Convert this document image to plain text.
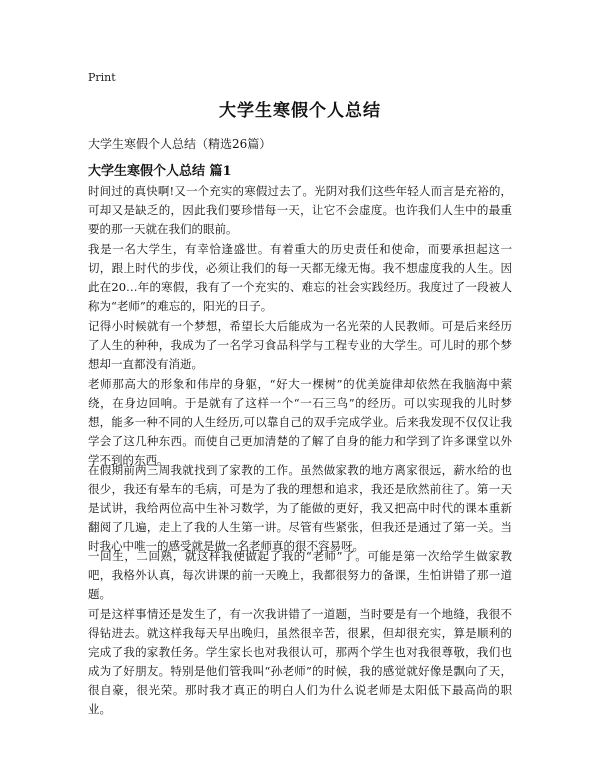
Print
大学生寒假个人总结
大学生寒假个人总结（精选26篇）
大学生寒假个人总结 篇1

时间过的真快啊!又一个充实的寒假过去了。光阴对我们这些年轻人而言是充裕的，可却又是缺乏的，因此我们要珍惜每一天，让它不会虚度。也许我们人生中的最重要的那一天就在我们的眼前。

我是一名大学生，有幸恰逢盛世。有着重大的历史责任和使命，而要承担起这一切，跟上时代的步伐，必须让我们的每一天都无缘无悔。我不想虚度我的人生。因此在20…年的寒假，我有了一个充实的、难忘的社会实践经历。我度过了一段被人称为“老师”的难忘的，阳光的日子。

记得小时候就有一个梦想，希望长大后能成为一名光荣的人民教师。可是后来经历了人生的种种，我成为了一名学习食品科学与工程专业的大学生。可儿时的那个梦想却一直都没有消逝。

老师那高大的形象和伟岸的身躯，“好大一棵树”的优美旋律却依然在我脑海中萦绕，在身边回响。于是就有了这样一个“一石三鸟”的经历。可以实现我的儿时梦想，能多一种不同的人生经历,可以靠自己的双手完成学业。后来我发现不仅仅让我学会了这几种东西。而使自己更加清楚的了解了自身的能力和学到了许多课堂以外学不到的东西。

在假期前两三周我就找到了家教的工作。虽然做家教的地方离家很远，薪水给的也很少，我还有晕车的毛病，可是为了我的理想和追求，我还是欣然前往了。第一天是试讲，我给两位高中生补习数学，为了能做的更好，我又把高中时代的课本重新翻阅了几遍，走上了我的人生第一讲。尽管有些紧张，但我还是通过了第一关。当时我心中唯一的感受就是做一名老师真的很不容易呀。

一回生，二回熟，就这样我便做起了我的“老师”了。可能是第一次给学生做家教吧，我格外认真，每次讲课的前一天晚上，我都很努力的备课，生怕讲错了那一道题。

可是这样事情还是发生了，有一次我讲错了一道题，当时要是有一个地缝，我很不得钻进去。就这样我每天早出晚归，虽然很辛苦，很累，但却很充实，算是顺利的完成了我的家教任务。学生家长也对我很认可，那两个学生也对我很尊敬，我们也成为了好朋友。特别是他们管我叫“孙老师”的时候，我的感觉就好像是飘向了天，很自豪，很光荣。那时我才真正的明白人们为什么说老师是太阳低下最高尚的职业。
